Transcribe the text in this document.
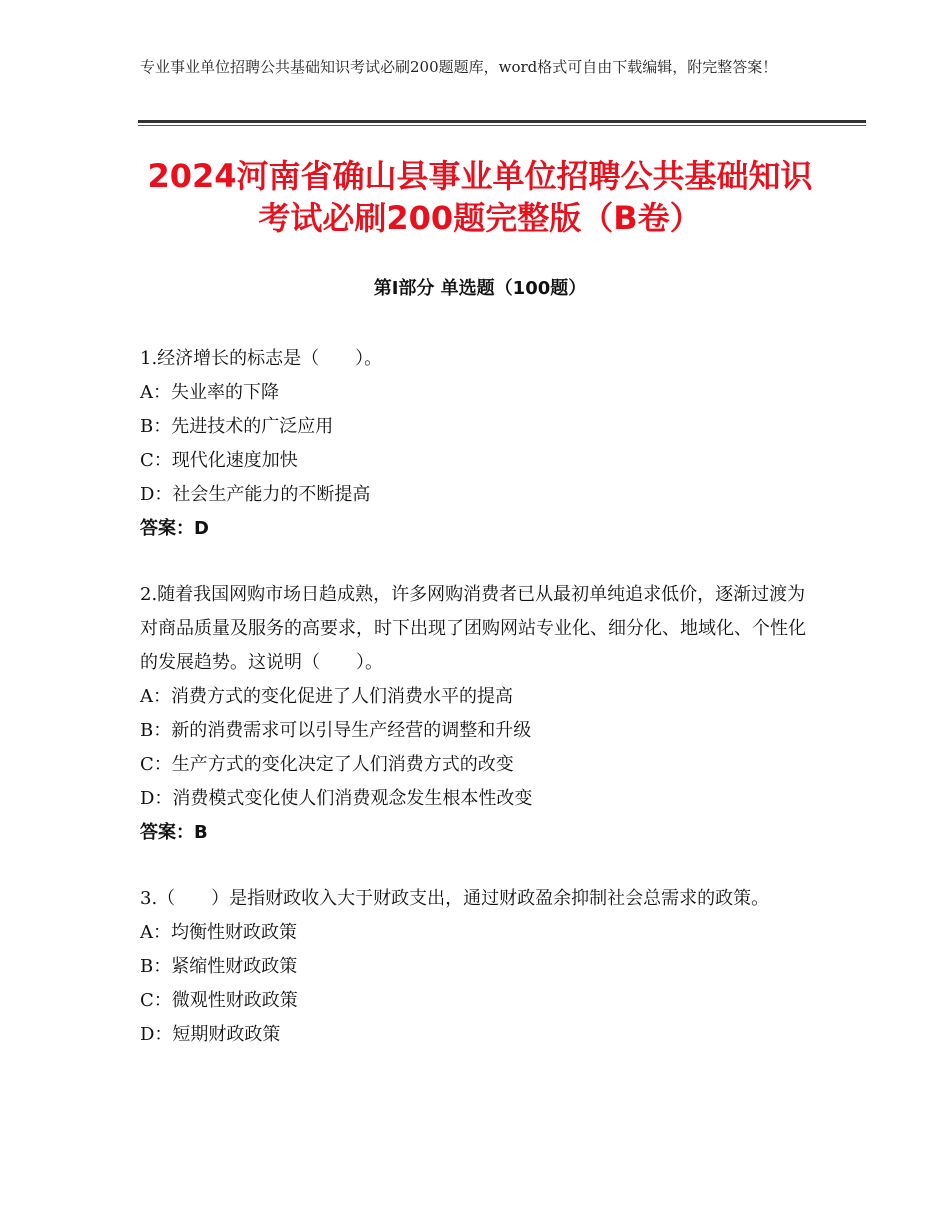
专业事业单位招聘公共基础知识考试必刷200题题库，word格式可自由下载编辑，附完整答案！
2024河南省确山县事业单位招聘公共基础知识考试必刷200题完整版（B卷）
第Ⅰ部分 单选题（100题）
1.经济增长的标志是（　　）。
A：失业率的下降
B：先进技术的广泛应用
C：现代化速度加快
D：社会生产能力的不断提高
答案：D
2.随着我国网购市场日趋成熟，许多网购消费者已从最初单纯追求低价，逐渐过渡为对商品质量及服务的高要求，时下出现了团购网站专业化、细分化、地域化、个性化的发展趋势。这说明（　　）。
A：消费方式的变化促进了人们消费水平的提高
B：新的消费需求可以引导生产经营的调整和升级
C：生产方式的变化决定了人们消费方式的改变
D：消费模式变化使人们消费观念发生根本性改变
答案：B
3.（　　）是指财政收入大于财政支出，通过财政盈余抑制社会总需求的政策。
A：均衡性财政政策
B：紧缩性财政政策
C：微观性财政政策
D：短期财政政策
